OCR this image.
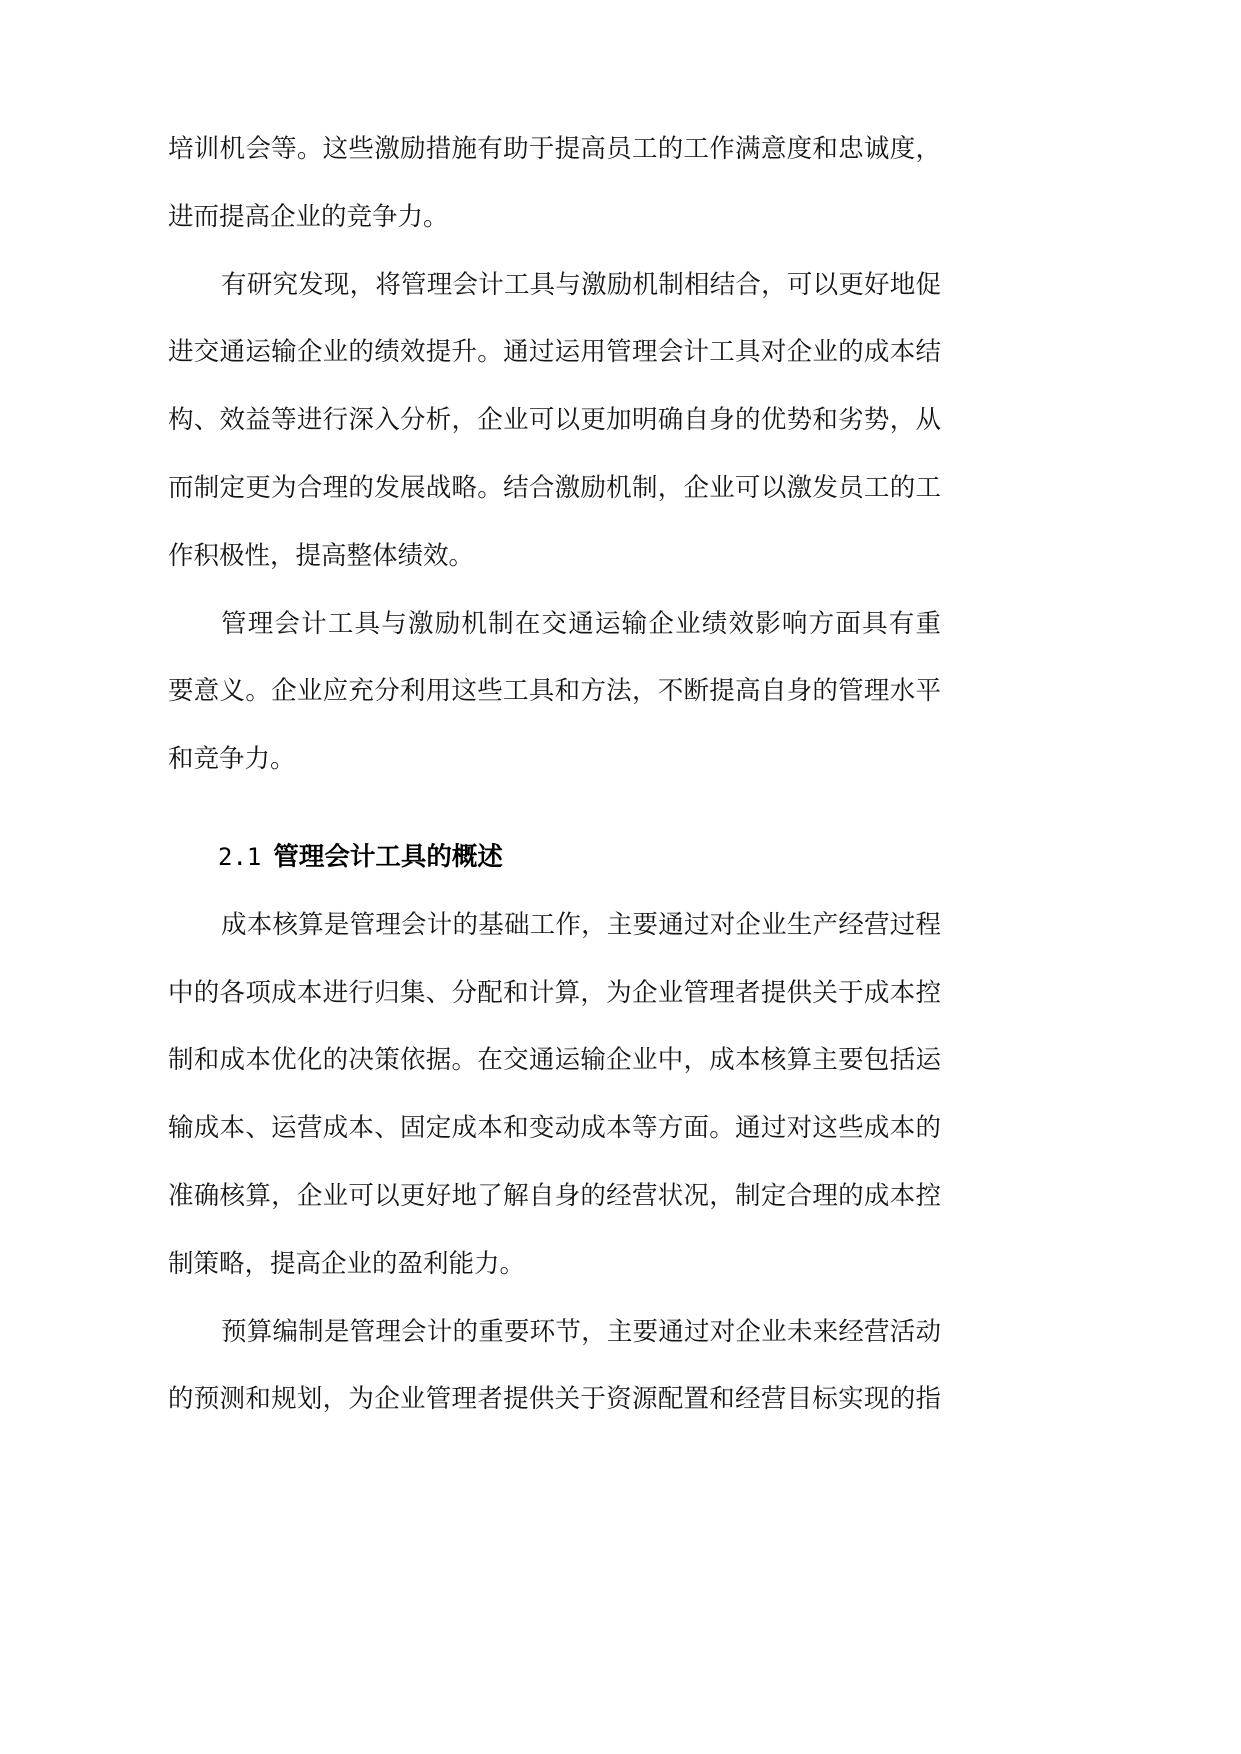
培训机会等。这些激励措施有助于提高员工的工作满意度和忠诚度，
进而提高企业的竞争力。
有研究发现，将管理会计工具与激励机制相结合，可以更好地促
进交通运输企业的绩效提升。通过运用管理会计工具对企业的成本结
构、效益等进行深入分析，企业可以更加明确自身的优势和劣势，从
而制定更为合理的发展战略。结合激励机制，企业可以激发员工的工
作积极性，提高整体绩效。
管理会计工具与激励机制在交通运输企业绩效影响方面具有重
要意义。企业应充分利用这些工具和方法，不断提高自身的管理水平
和竞争力。
2.1 管理会计工具的概述
成本核算是管理会计的基础工作，主要通过对企业生产经营过程
中的各项成本进行归集、分配和计算，为企业管理者提供关于成本控
制和成本优化的决策依据。在交通运输企业中，成本核算主要包括运
输成本、运营成本、固定成本和变动成本等方面。通过对这些成本的
准确核算，企业可以更好地了解自身的经营状况，制定合理的成本控
制策略，提高企业的盈利能力。
预算编制是管理会计的重要环节，主要通过对企业未来经营活动
的预测和规划，为企业管理者提供关于资源配置和经营目标实现的指
